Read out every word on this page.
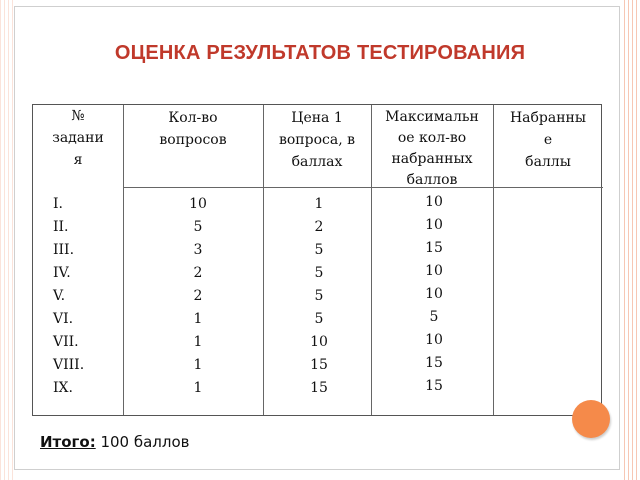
ОЦЕНКА РЕЗУЛЬТАТОВ ТЕСТИРОВАНИЯ
№
задани
я
Кол-во
вопросов
Цена 1
вопроса, в
баллах
Максимальн
ое кол-во
набранных
баллов
Набранны
е
баллы
I.
II.
III.
IV.
V.
VI.
VII.
VIII.
IX.
10
5
3
2
2
1
1
1
1
1
2
5
5
5
5
10
15
15
10
10
15
10
10
5
10
15
15
Итого: 100 баллов
